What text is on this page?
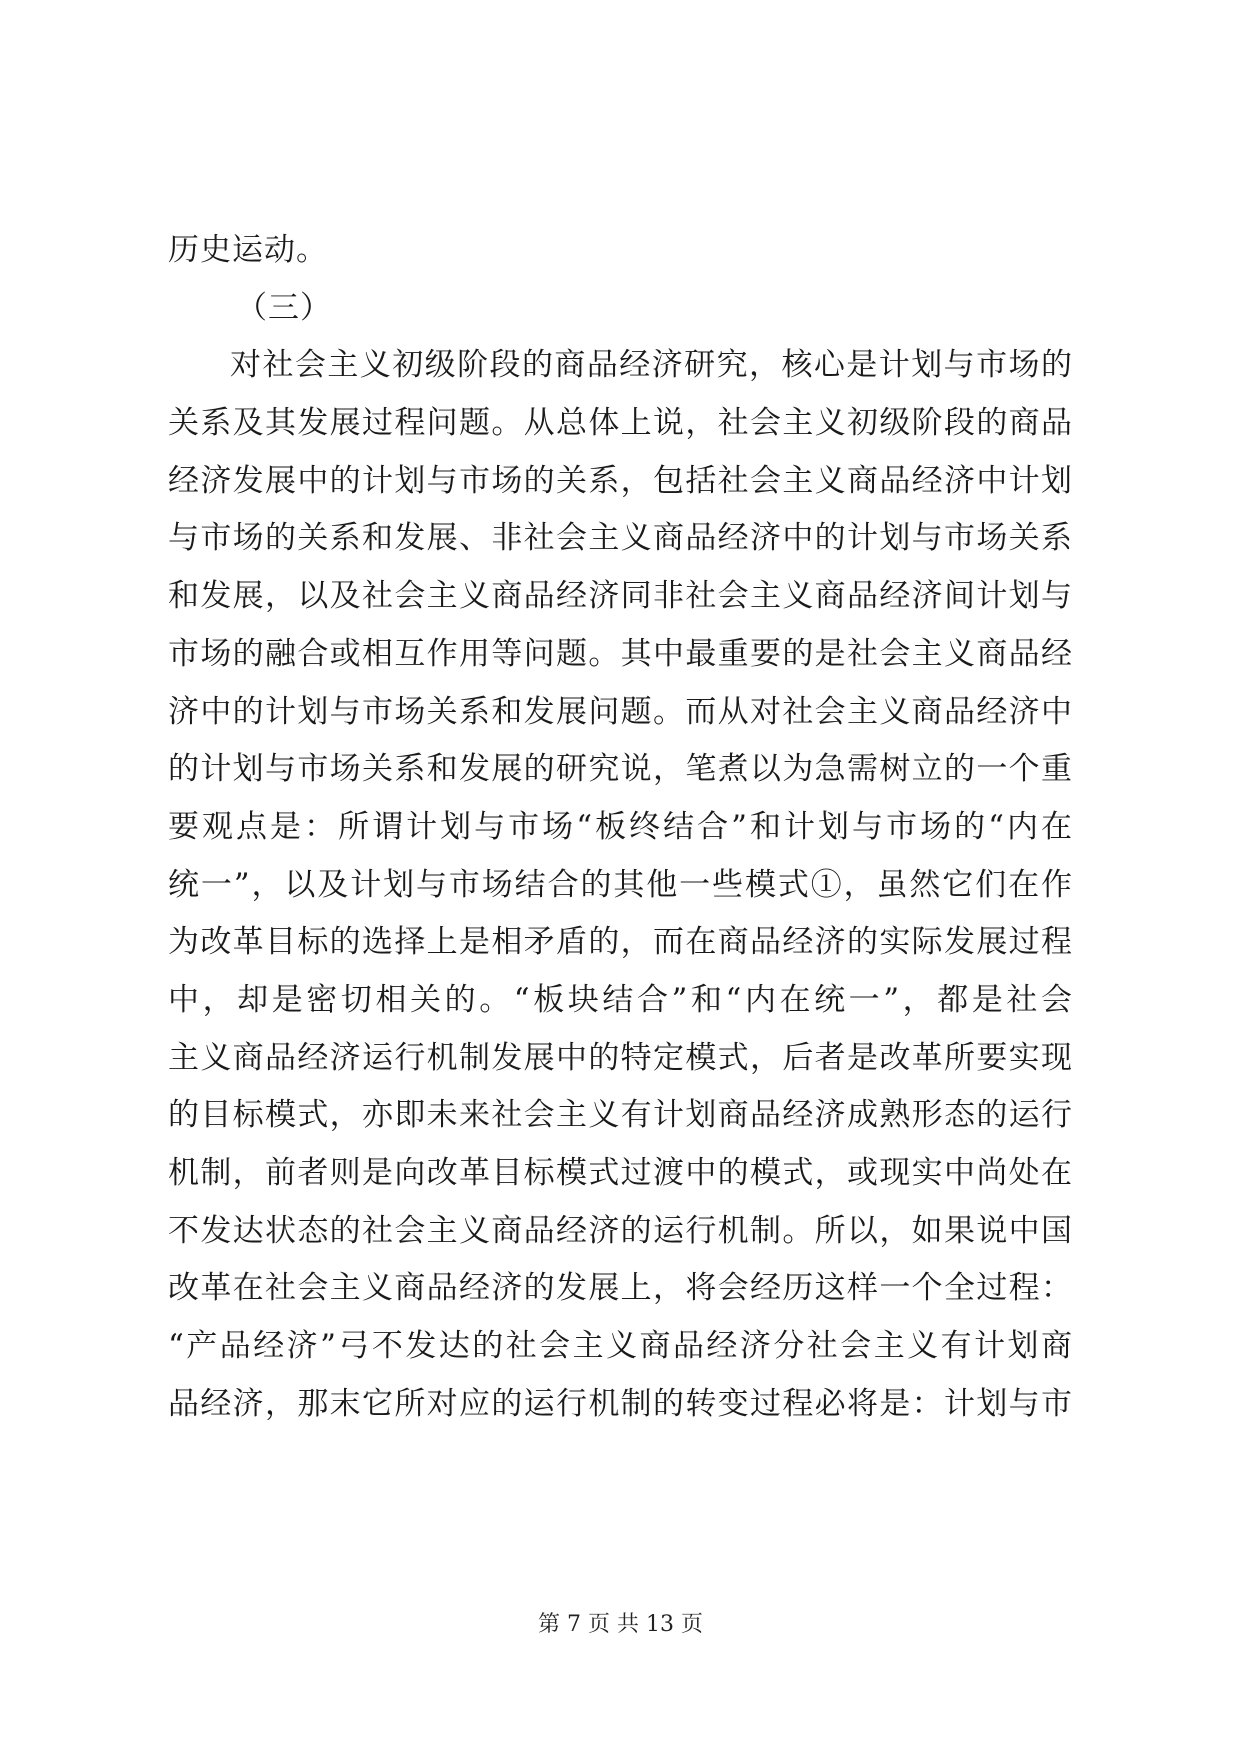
历史运动。
（三）
对社会主义初级阶段的商品经济研究，核心是计划与市场的
关系及其发展过程问题。从总体上说，社会主义初级阶段的商品
经济发展中的计划与市场的关系，包括社会主义商品经济中计划
与市场的关系和发展、非社会主义商品经济中的计划与市场关系
和发展，以及社会主义商品经济同非社会主义商品经济间计划与
市场的融合或相互作用等问题。其中最重要的是社会主义商品经
济中的计划与市场关系和发展问题。而从对社会主义商品经济中
的计划与市场关系和发展的研究说，笔煮以为急需树立的一个重
要观点是：所谓计划与市场“板终结合”和计划与市场的“内在
统一”，以及计划与市场结合的其他一些模式①，虽然它们在作
为改革目标的选择上是相矛盾的，而在商品经济的实际发展过程
中，却是密切相关的。“板块结合”和“内在统一”，都是社会
主义商品经济运行机制发展中的特定模式，后者是改革所要实现
的目标模式，亦即未来社会主义有计划商品经济成熟形态的运行
机制，前者则是向改革目标模式过渡中的模式，或现实中尚处在
不发达状态的社会主义商品经济的运行机制。所以，如果说中国
改革在社会主义商品经济的发展上，将会经历这样一个全过程：
“产品经济”弓不发达的社会主义商品经济分社会主义有计划商
品经济，那末它所对应的运行机制的转变过程必将是：计划与市
第 7 页 共 13 页
